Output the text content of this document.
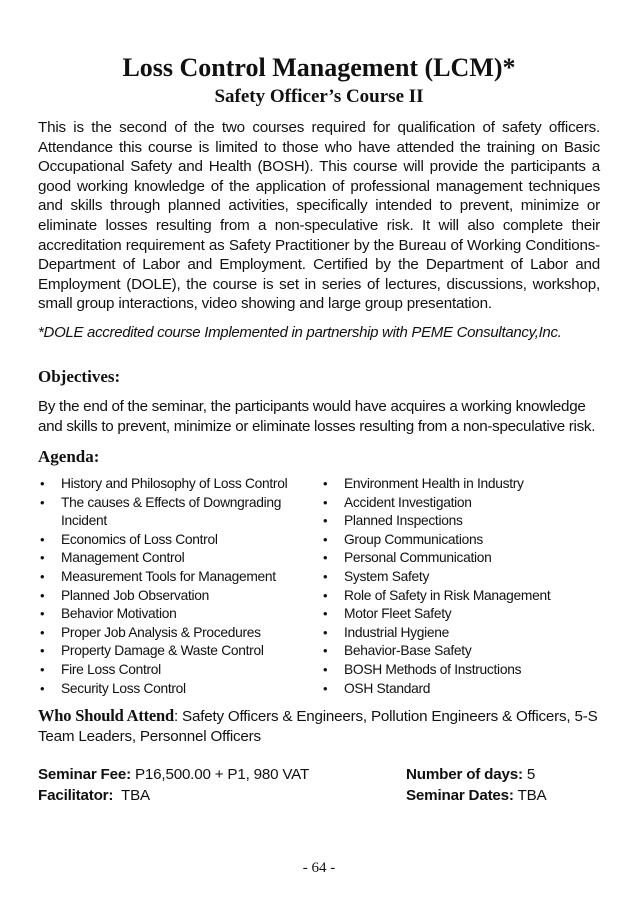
Loss Control Management (LCM)*
Safety Officer’s Course II
This is the second of the two courses required for qualification of safety officers. Attendance this course is limited to those who have attended the training on Basic Occupational Safety and Health (BOSH). This course will provide the participants a good working knowledge of the application of professional management techniques and skills through planned activities, specifically intended to prevent, minimize or eliminate losses resulting from a non-speculative risk. It will also complete their accreditation requirement as Safety Practitioner by the Bureau of Working Conditions-Department of Labor and Employment. Certified by the Department of Labor and Employment (DOLE), the course is set in series of lectures, discussions, workshop, small group interactions, video showing and large group presentation.
*DOLE accredited course Implemented in partnership with PEME Consultancy,Inc.
Objectives:
By the end of the seminar, the participants would have acquires a working knowledge and skills to prevent, minimize or eliminate losses resulting from a non-speculative risk.
Agenda:
• History and Philosophy of Loss Control
• The causes & Effects of Downgrading Incident
• Economics of Loss Control
• Management Control
• Measurement Tools for Management
• Planned Job Observation
• Behavior Motivation
• Proper Job Analysis & Procedures
• Property Damage & Waste Control
• Fire Loss Control
• Security Loss Control
• Environment Health in Industry
• Accident Investigation
• Planned Inspections
• Group Communications
• Personal Communication
• System Safety
• Role of Safety in Risk Management
• Motor Fleet Safety
• Industrial Hygiene
• Behavior-Base Safety
• BOSH Methods of Instructions
• OSH Standard
Who Should Attend: Safety Officers & Engineers, Pollution Engineers & Officers, 5-S Team Leaders, Personnel Officers
Seminar Fee: P16,500.00 + P1, 980 VAT	Number of days: 5
Facilitator:  TBA	Seminar Dates: TBA
- 64 -
